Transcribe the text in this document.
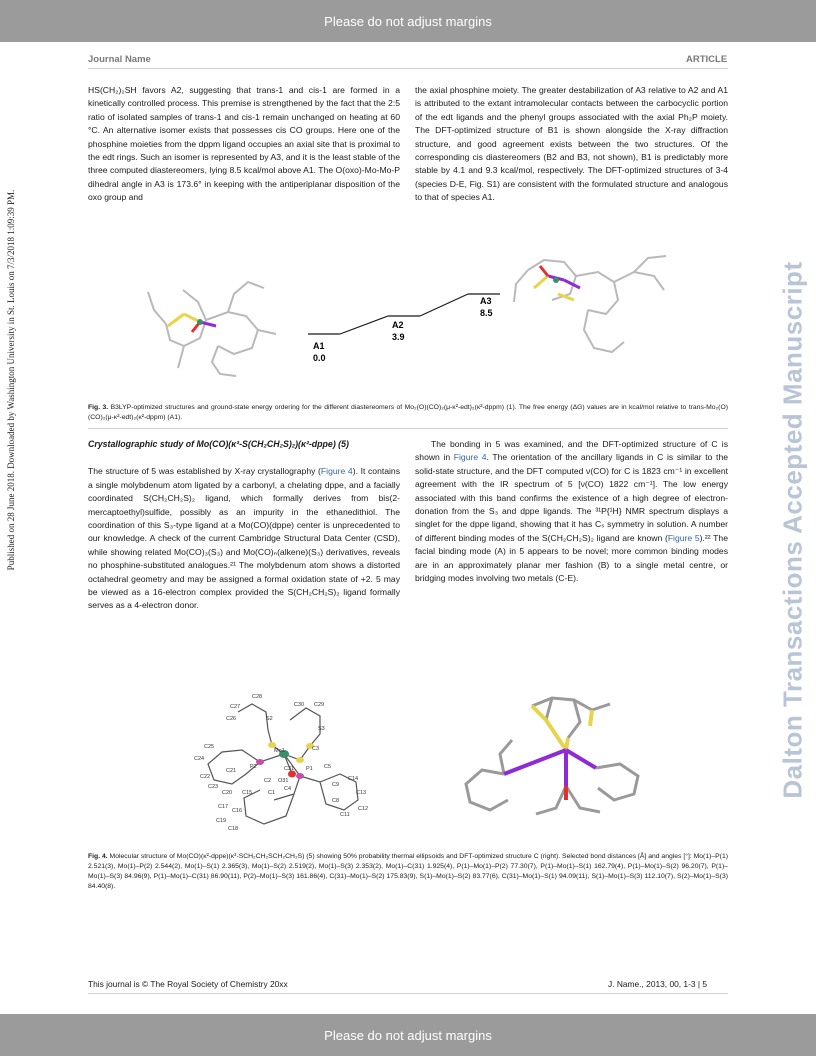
Please do not adjust margins
Published on 28 June 2018. Downloaded by Washington University in St. Louis on 7/3/2018 1:09:39 PM.	Dalton Transactions Accepted Manuscript
Journal Name	ARTICLE

HS(CH₂)₂SH favors A2, suggesting that trans-1 and cis-1 are formed in a kinetically controlled process. This premise is strengthened by the fact that the 2:5 ratio of isolated samples of trans-1 and cis-1 remain unchanged on heating at 60 °C. An alternative isomer exists that possesses cis CO groups. Here one of the phosphine moieties from the dppm ligand occupies an axial site that is proximal to the edt rings. Such an isomer is represented by A3, and it is the least stable of the three computed diastereomers, lying 8.5 kcal/mol above A1. The O(oxo)-Mo-Mo-P dihedral angle in A3 is 173.6° in keeping with the antiperiplanar disposition of the oxo group and

the axial phosphine moiety. The greater destabilization of A3 relative to A2 and A1 is attributed to the extant intramolecular contacts between the carbocyclic portion of the edt ligands and the phenyl groups associated with the axial Ph₂P moiety. The DFT-optimized structure of B1 is shown alongside the X-ray diffraction structure, and good agreement exists between the two structures. Of the corresponding cis diastereomers (B2 and B3, not shown), B1 is predictably more stable by 4.1 and 9.3 kcal/mol, respectively. The DFT-optimized structures of 3-4 (species D-E, Fig. S1) are consistent with the formulated structure and analogous to that of species A1.

A1
0.0
A2
3.9
A3
8.5
Fig. 3. B3LYP-optimized structures and ground-state energy ordering for the different diastereomers of Mo₂(O)(CO)₂(μ-κ²-edt)₂(κ²-dppm) (1). The free energy (ΔG) values are in kcal/mol relative to trans-Mo₂(O)(CO)₂(μ-κ²-edt)₂(κ²-dppm) (A1).

Crystallographic study of Mo(CO)(κ³-S(CH₂CH₂S)₂)(κ²-dppe) (5)

The structure of 5 was established by X-ray crystallography (Figure 4). It contains a single molybdenum atom ligated by a carbonyl, a chelating dppe, and a facially coordinated S(CH₂CH₂S)₂ ligand, which formally derives from bis(2-mercaptoethyl)sulfide, possibly as an impurity in the ethanedithiol. The coordination of this S₃-type ligand at a Mo(CO)(dppe) center is unprecedented to our knowledge. A check of the current Cambridge Structural Data Center (CSD), while showing related Mo(CO)₃(S₃) and Mo(CO)ₙ(alkene)(S₃) derivatives, reveals no phosphine-substituted analogues.²¹ The molybdenum atom shows a distorted octahedral geometry and may be assigned a formal oxidation state of +2. 5 may be viewed as a 16-electron complex provided the S(CH₂CH₂S)₂ ligand formally serves as a 4-electron donor.

The bonding in 5 was examined, and the DFT-optimized structure of C is shown in Figure 4. The orientation of the ancillary ligands in C is similar to the solid-state structure, and the DFT computed ν(CO) for C is 1823 cm⁻¹ in excellent agreement with the IR spectrum of 5 [ν(CO) 1822 cm⁻¹]. The low energy associated with this band confirms the existence of a high degree of electron-donation from the S₃ and dppe ligands. The ³¹P{¹H} NMR spectrum displays a singlet for the dppe ligand, showing that it has Cₛ symmetry in solution. A number of different binding modes of the S(CH₂CH₂S)₂ ligand are known (Figure 5).²² The facial binding mode (A) in 5 appears to be novel; more common binding modes are in an approximately planar mer fashion (B) to a single metal centre, or bridging modes involving two metals (C-E).

C27
C28
C26	S2
C30 C29
S3
C3
C25
C24
C22
C21
C23
Mo1
P2	P1
O31
C31
C4
C1
C2
C15
C5
C9
C8
C14
C16
C17
C11
C12
C13
C20
C19
C18
Fig. 4. Molecular structure of Mo(CO)(κ²-dppe)(κ³-SCH₂CH₂SCH₂CH₂S) (5) showing 50% probability thermal ellipsoids and DFT-optimized structure C (right). Selected bond distances [Å] and angles [°]: Mo(1)–P(1) 2.521(3), Mo(1)–P(2) 2.544(2), Mo(1)–S(1) 2.365(3), Mo(1)–S(2) 2.519(2), Mo(1)–S(3) 2.353(2), Mo(1)–C(31) 1.925(4), P(1)–Mo(1)–P(2) 77.30(7), P(1)–Mo(1)–S(1) 162.79(4), P(1)–Mo(1)–S(2) 96.20(7), P(1)–Mo(1)–S(3) 84.96(9), P(1)–Mo(1)–C(31) 86.90(11), P(2)–Mo(1)–S(3) 161.86(4), C(31)–Mo(1)–S(2) 175.83(9), S(1)–Mo(1)–S(2) 83.77(6), C(31)–Mo(1)–S(1) 94.09(11), S(1)–Mo(1)–S(3) 112.10(7), S(2)–Mo(1)–S(3) 84.40(8).
This journal is © The Royal Society of Chemistry 20xx	J. Name., 2013, 00, 1-3 | 5
Please do not adjust margins
